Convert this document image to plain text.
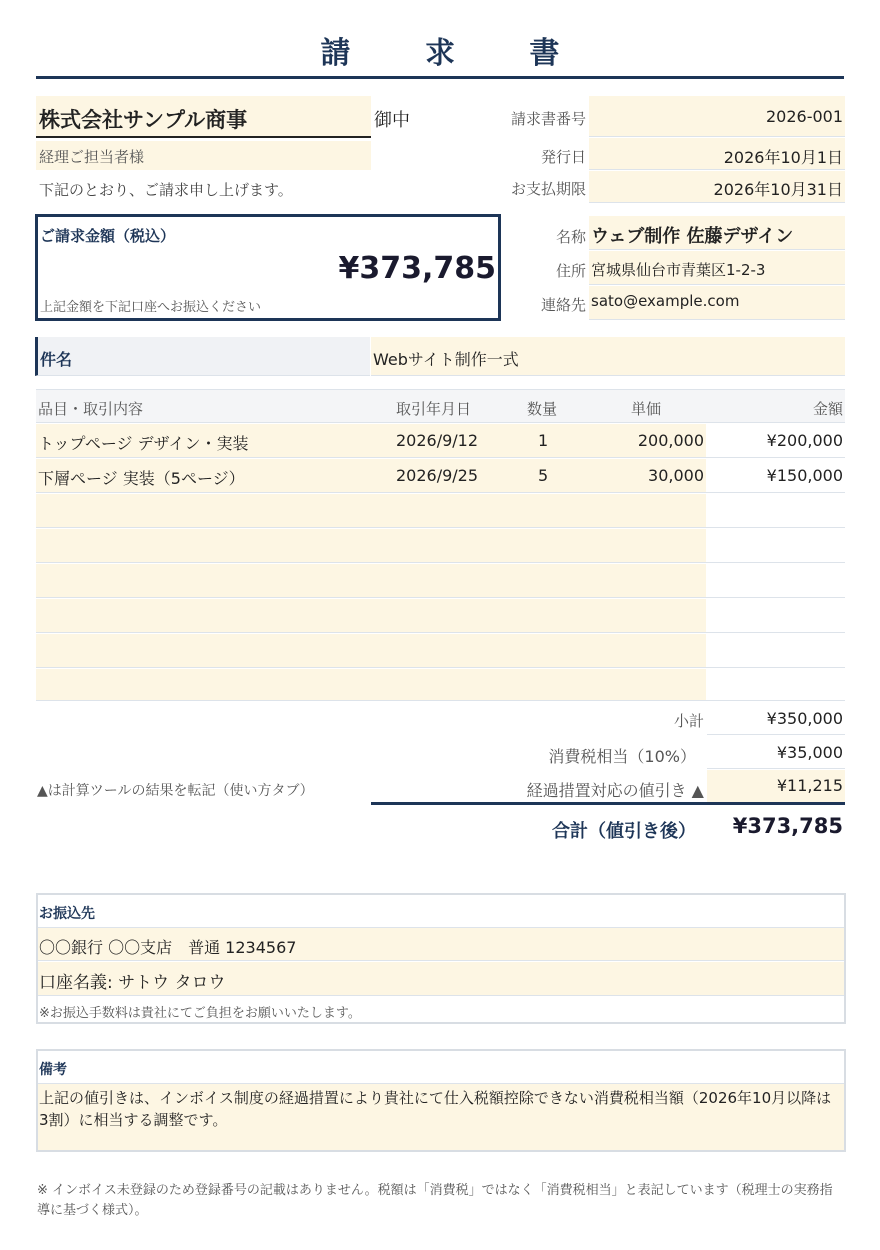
請 求 書
株式会社サンプル商事	御中
経理ご担当者様
下記のとおり、ご請求申し上げます。
請求書番号	2026-001
発行日	2026年10月1日
お支払期限	2026年10月31日
ご請求金額（税込）
¥373,785
上記金額を下記口座へお振込ください
名称 ウェブ制作 佐藤デザイン
住所 宮城県仙台市青葉区1-2-3
連絡先 sato@example.com
件名	Webサイト制作一式
品目・取引内容	取引年月日	数量	単価	金額
トップページ デザイン・実装	2026/9/12	1	200,000	¥200,000
下層ページ 実装（5ページ）	2026/9/25	5	30,000	¥150,000
小計	¥350,000
消費税相当（10%）	¥35,000
▲は計算ツールの結果を転記（使い方タブ）	経過措置対応の値引き ▲	¥11,215
合計（値引き後）	¥373,785
お振込先
〇〇銀行 〇〇支店　普通 1234567
口座名義: サトウ タロウ
※お振込手数料は貴社にてご負担をお願いいたします。
備考
上記の値引きは、インボイス制度の経過措置により貴社にて仕入税額控除できない消費税相当額（2026年10月以降は3割）に相当する調整です。
※ インボイス未登録のため登録番号の記載はありません。税額は「消費税」ではなく「消費税相当」と表記しています（税理士の実務指導に基づく様式）。
